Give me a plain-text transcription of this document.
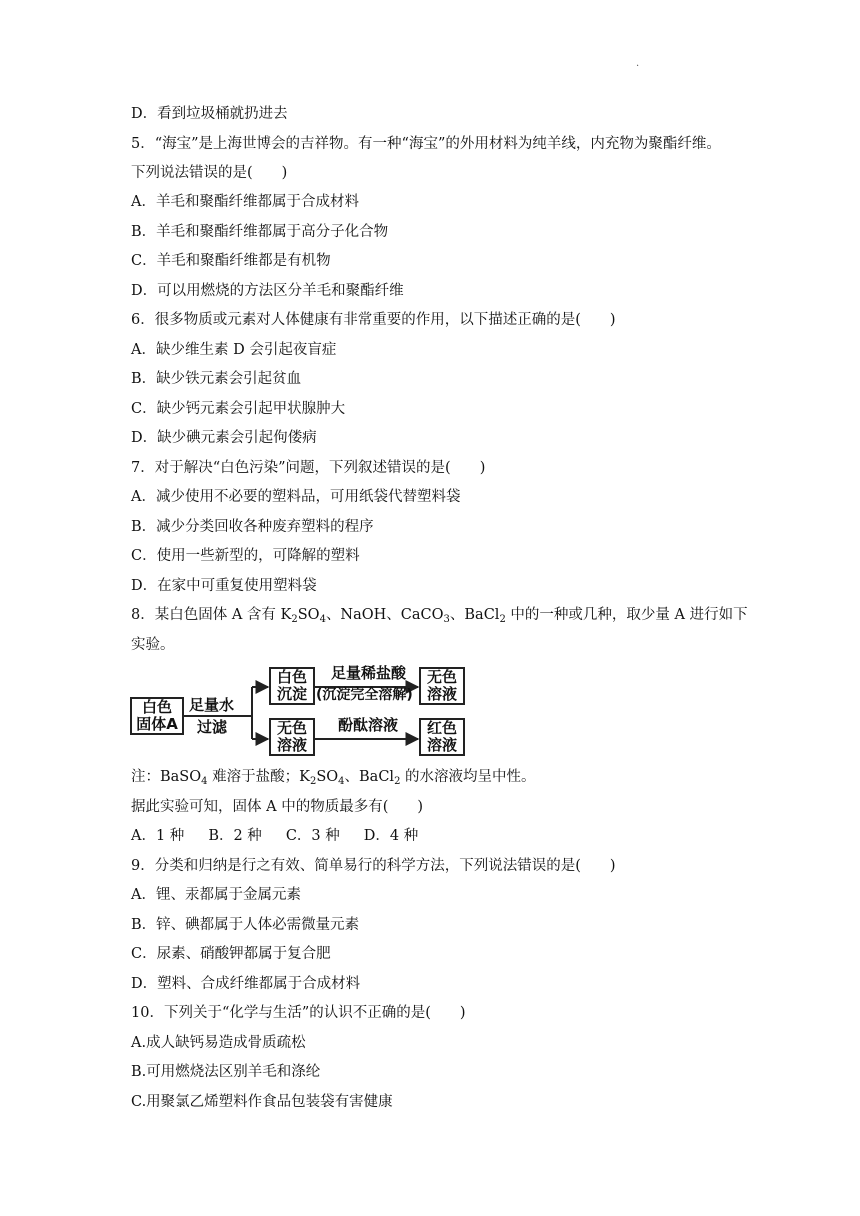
.
D．看到垃圾桶就扔进去
5．“海宝”是上海世博会的吉祥物。有一种“海宝”的外用材料为纯羊线，内充物为聚酯纤维。
下列说法错误的是(　　)
A．羊毛和聚酯纤维都属于合成材料
B．羊毛和聚酯纤维都属于高分子化合物
C．羊毛和聚酯纤维都是有机物
D．可以用燃烧的方法区分羊毛和聚酯纤维
6．很多物质或元素对人体健康有非常重要的作用，以下描述正确的是(　　)
A．缺少维生素 D 会引起夜盲症
B．缺少铁元素会引起贫血
C．缺少钙元素会引起甲状腺肿大
D．缺少碘元素会引起佝偻病
7．对于解决“白色污染”问题，下列叙述错误的是(　　)
A．减少使用不必要的塑料品，可用纸袋代替塑料袋
B．减少分类回收各种废弃塑料的程序
C．使用一些新型的，可降解的塑料
D．在家中可重复使用塑料袋
8．某白色固体 A 含有 $K_2SO_4$、NaOH、CaCO$_3$、BaCl$_2$ 中的一种或几种，取少量 A 进行如下
实验。
白色
固体A
足量水
过滤
白色
沉淀
足量稀盐酸
(沉淀完全溶解)
无色
溶液
无色
溶液
酚酞溶液 红色
溶液
注：BaSO$_4$ 难溶于盐酸；$K_2SO_4$、BaCl$_2$ 的水溶液均呈中性。
据此实验可知，固体 A 中的物质最多有(　　)
A．1 种 B．2 种 C．3 种 D．4 种
9．分类和归纳是行之有效、简单易行的科学方法，下列说法错误的是(　　)
A．锂、汞都属于金属元素
B．锌、碘都属于人体必需微量元素
C．尿素、硝酸钾都属于复合肥
D．塑料、合成纤维都属于合成材料
10．下列关于“化学与生活”的认识不正确的是(　　)
A.成人缺钙易造成骨质疏松
B.可用燃烧法区别羊毛和涤纶
C.用聚氯乙烯塑料作食品包装袋有害健康
